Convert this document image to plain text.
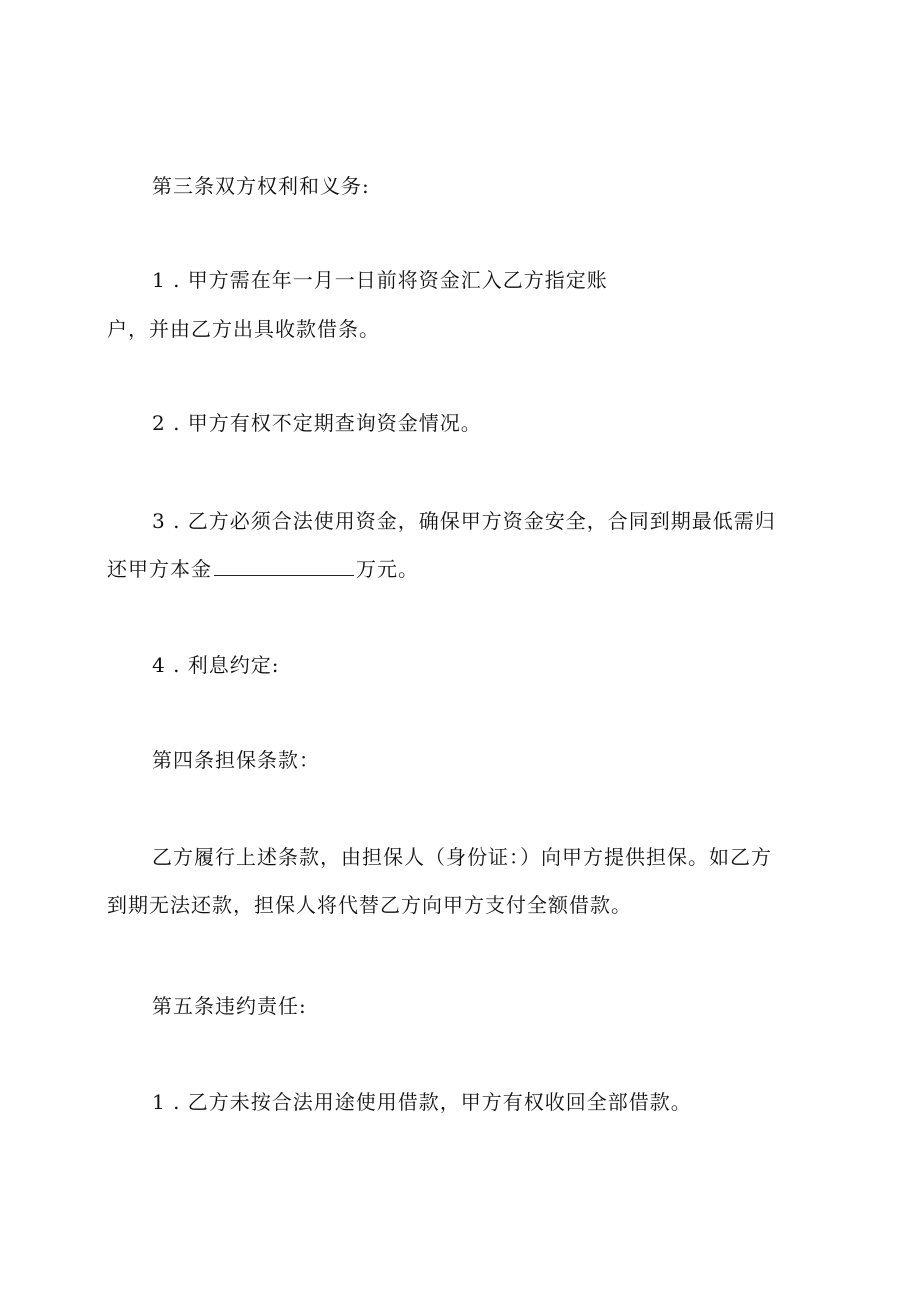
第三条双方权利和义务:
1 . 甲方需在年一月一日前将资金汇入乙方指定账
户，并由乙方出具收款借条。
2 . 甲方有权不定期查询资金情况。
3 . 乙方必须合法使用资金，确保甲方资金安全，合同到期最低需归
还甲方本金	万元。
4 . 利息约定:
第四条担保条款：
乙方履行上述条款，由担保人（身份证：）向甲方提供担保。如乙方
到期无法还款，担保人将代替乙方向甲方支付全额借款。
第五条违约责任:
1 . 乙方未按合法用途使用借款，甲方有权收回全部借款。
